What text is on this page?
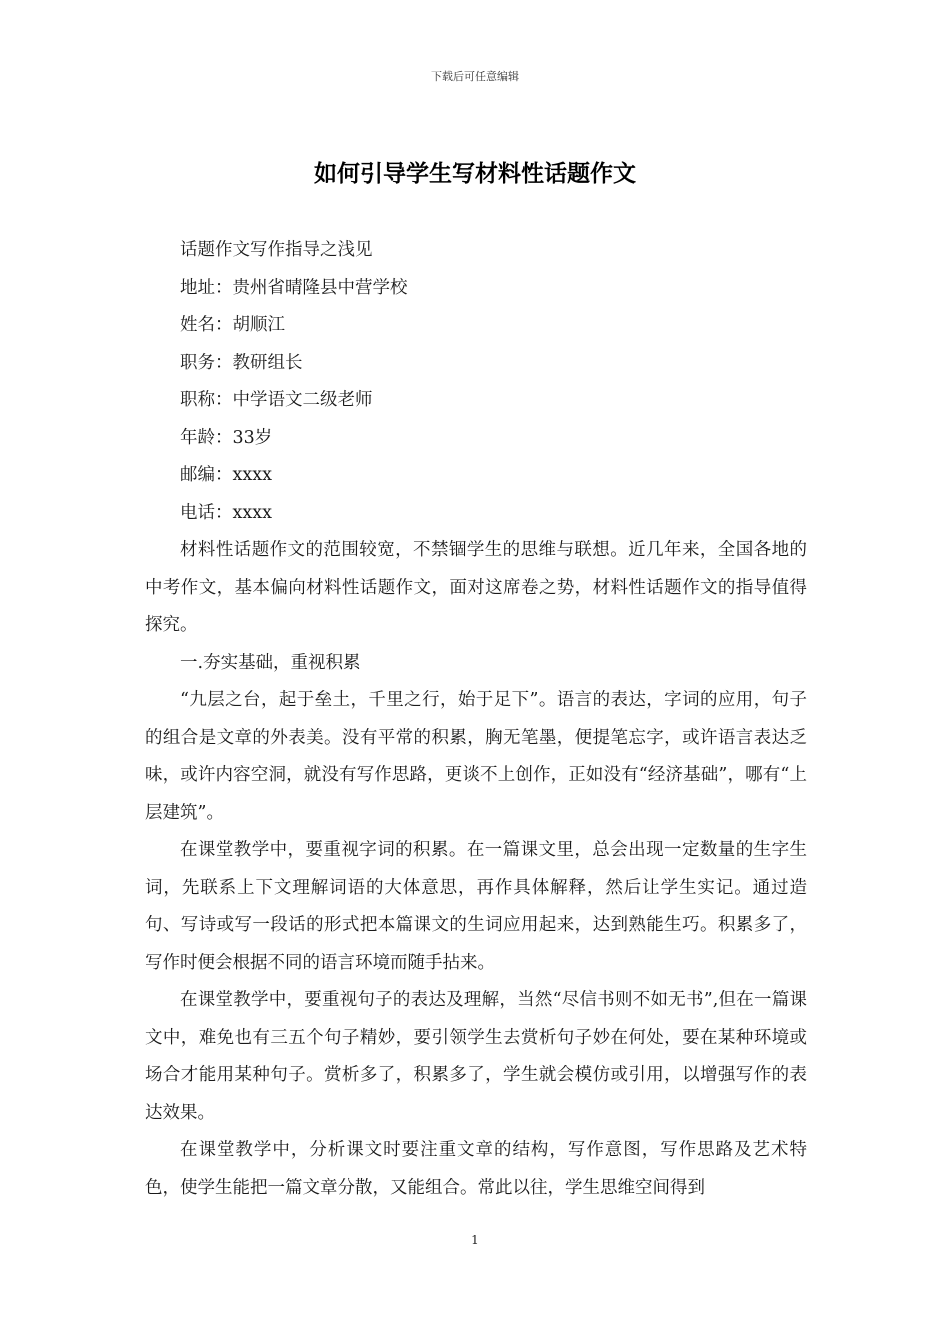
下载后可任意编辑
如何引导学生写材料性话题作文

话题作文写作指导之浅见

地址：贵州省晴隆县中营学校

姓名：胡顺江

职务：教研组长

职称：中学语文二级老师

年龄：33岁

邮编：xxxx

电话：xxxx

材料性话题作文的范围较宽，不禁锢学生的思维与联想。近几年来，全国各地的中考作文，基本偏向材料性话题作文，面对这席卷之势，材料性话题作文的指导值得探究。

一.夯实基础，重视积累

“九层之台，起于垒土，千里之行，始于足下”。语言的表达，字词的应用，句子的组合是文章的外表美。没有平常的积累，胸无笔墨，便提笔忘字，或许语言表达乏味，或许内容空洞，就没有写作思路，更谈不上创作，正如没有“经济基础”，哪有“上层建筑”。

在课堂教学中，要重视字词的积累。在一篇课文里，总会出现一定数量的生字生词，先联系上下文理解词语的大体意思，再作具体解释，然后让学生实记。通过造句、写诗或写一段话的形式把本篇课文的生词应用起来，达到熟能生巧。积累多了，写作时便会根据不同的语言环境而随手拈来。

在课堂教学中，要重视句子的表达及理解，当然“尽信书则不如无书”,但在一篇课文中，难免也有三五个句子精妙，要引领学生去赏析句子妙在何处，要在某种环境或场合才能用某种句子。赏析多了，积累多了，学生就会模仿或引用，以增强写作的表达效果。

在课堂教学中，分析课文时要注重文章的结构，写作意图，写作思路及艺术特色，使学生能把一篇文章分散，又能组合。常此以往，学生思维空间得到

1
